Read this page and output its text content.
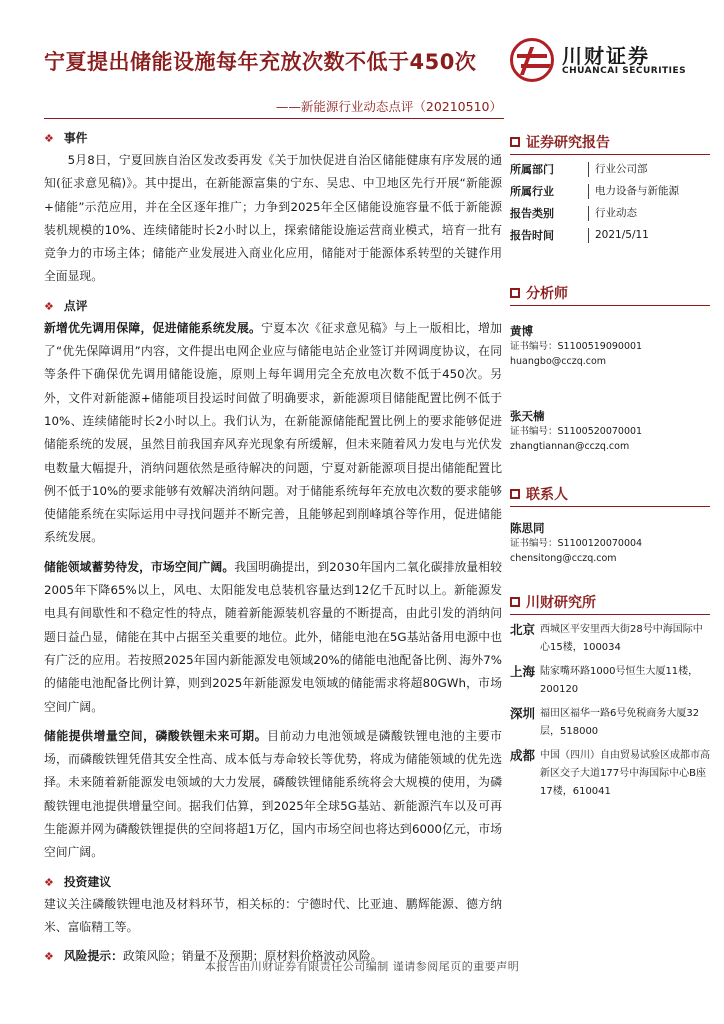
宁夏提出储能设施每年充放次数不低于450次	川财证券
CHUANCAI SECURITIES
——新能源行业动态点评（20210510）
❖ 事件

5月8日，宁夏回族自治区发改委再发《关于加快促进自治区储能健康有序发展的通知(征求意见稿)》。其中提出，在新能源富集的宁东、吴忠、中卫地区先行开展“新能源+储能”示范应用，并在全区逐年推广；力争到2025年全区储能设施容量不低于新能源装机规模的10%、连续储能时长2小时以上，探索储能设施运营商业模式，培育一批有竞争力的市场主体；储能产业发展进入商业化应用，储能对于能源体系转型的关键作用全面显现。

❖ 点评

新增优先调用保障，促进储能系统发展。宁夏本次《征求意见稿》与上一版相比，增加了“优先保障调用”内容，文件提出电网企业应与储能电站企业签订并网调度协议，在同等条件下确保优先调用储能设施，原则上每年调用完全充放电次数不低于450次。另外，文件对新能源+储能项目投运时间做了明确要求，新能源项目储能配置比例不低于10%、连续储能时长2小时以上。我们认为，在新能源储能配置比例上的要求能够促进储能系统的发展，虽然目前我国弃风弃光现象有所缓解，但未来随着风力发电与光伏发电数量大幅提升，消纳问题依然是亟待解决的问题，宁夏对新能源项目提出储能配置比例不低于10%的要求能够有效解决消纳问题。对于储能系统每年充放电次数的要求能够使储能系统在实际运用中寻找问题并不断完善，且能够起到削峰填谷等作用，促进储能系统发展。

储能领域蓄势待发，市场空间广阔。我国明确提出，到2030年国内二氧化碳排放量相较2005年下降65%以上，风电、太阳能发电总装机容量达到12亿千瓦时以上。新能源发电具有间歇性和不稳定性的特点，随着新能源装机容量的不断提高，由此引发的消纳问题日益凸显，储能在其中占据至关重要的地位。此外，储能电池在5G基站备用电源中也有广泛的应用。若按照2025年国内新能源发电领域20%的储能电池配备比例、海外7%的储能电池配备比例计算，则到2025年新能源发电领域的储能需求将超80GWh，市场空间广阔。

储能提供增量空间，磷酸铁锂未来可期。目前动力电池领域是磷酸铁锂电池的主要市场，而磷酸铁锂凭借其安全性高、成本低与寿命较长等优势，将成为储能领域的优先选择。未来随着新能源发电领域的大力发展，磷酸铁锂储能系统将会大规模的使用，为磷酸铁锂电池提供增量空间。据我们估算，到2025年全球5G基站、新能源汽车以及可再生能源并网为磷酸铁锂提供的空间将超1万亿，国内市场空间也将达到6000亿元，市场空间广阔。

❖ 投资建议

建议关注磷酸铁锂电池及材料环节，相关标的：宁德时代、比亚迪、鹏辉能源、德方纳米、富临精工等。

❖ 风险提示：政策风险；销量不及预期；原材料价格波动风险。
证券研究报告
所属部门	行业公司部
所属行业	电力设备与新能源
报告类别	行业动态
报告时间	2021/5/11
分析师
黄博
证书编号：S1100519090001
huangbo@cczq.com
张天楠
证书编号：S1100520070001
zhangtiannan@cczq.com
联系人
陈思同
证书编号：S1100120070004
chensitong@cczq.com
川财研究所
北京 西城区平安里西大街28号中海国际中心15楼，100034
上海 陆家嘴环路1000号恒生大厦11楼，200120
深圳 福田区福华一路6号免税商务大厦32层，518000
成都 中国（四川）自由贸易试验区成都市高新区交子大道177号中海国际中心B座17楼，610041
本报告由川财证券有限责任公司编制 谨请参阅尾页的重要声明
